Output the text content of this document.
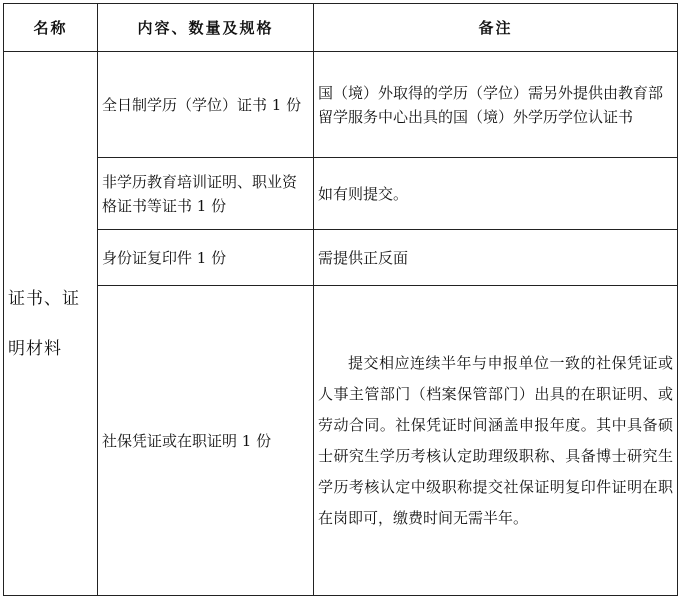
名称	内容、数量及规格	备注
证书、证明材料	全日制学历（学位）证书 1 份	国（境）外取得的学历（学位）需另外提供由教育部留学服务中心出具的国（境）外学历学位认证书
	非学历教育培训证明、职业资格证书等证书 1 份	如有则提交。
	身份证复印件 1 份	需提供正反面
	社保凭证或在职证明 1 份	提交相应连续半年与申报单位一致的社保凭证或人事主管部门（档案保管部门）出具的在职证明、或劳动合同。社保凭证时间涵盖申报年度。其中具备硕士研究生学历考核认定助理级职称、具备博士研究生学历考核认定中级职称提交社保证明复印件证明在职在岗即可，缴费时间无需半年。
